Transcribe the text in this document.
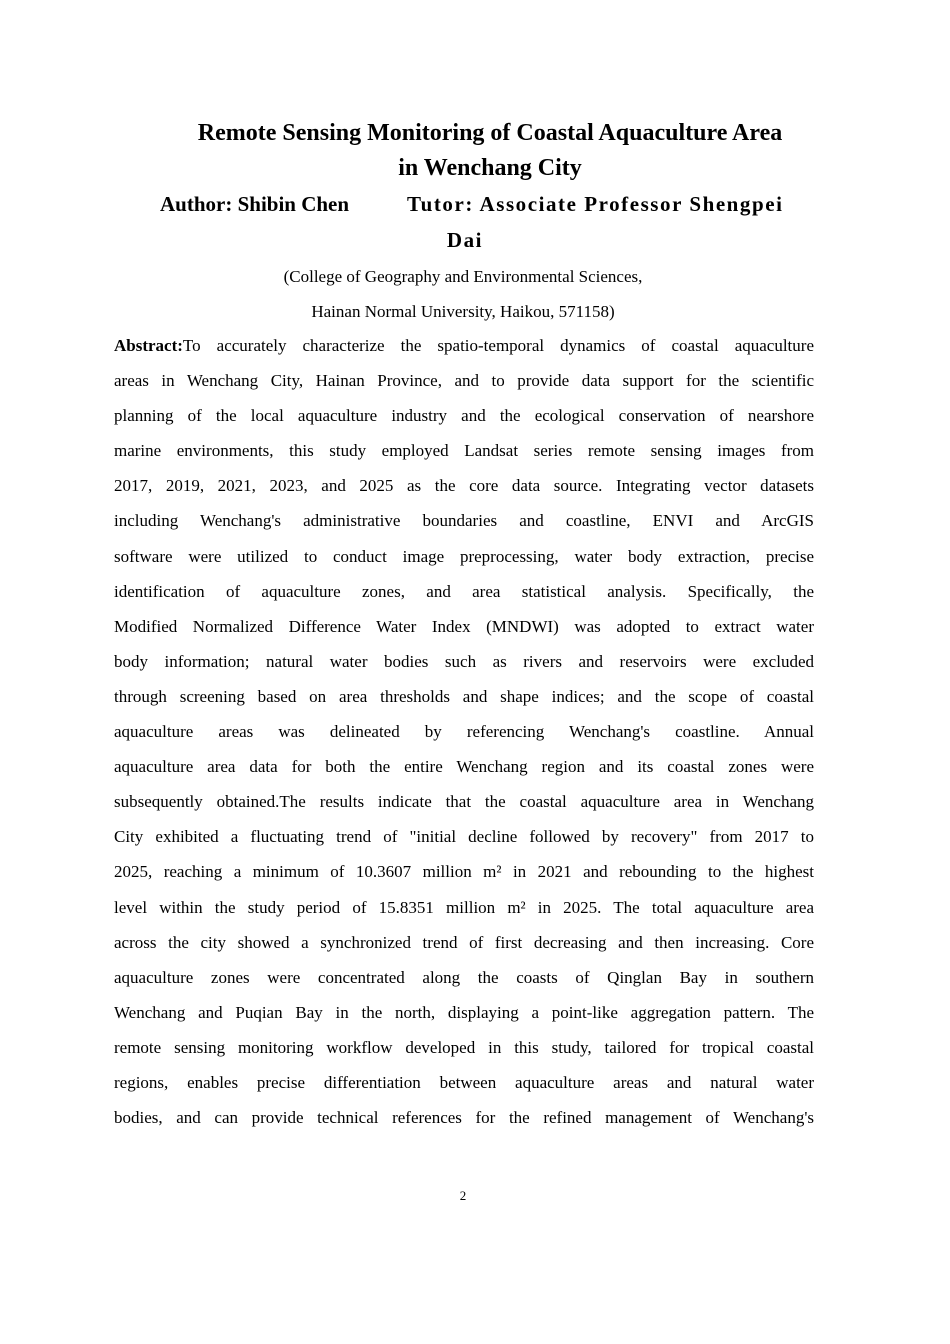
Remote Sensing Monitoring of Coastal Aquaculture Area
in Wenchang City
Author: Shibin Chen	Tutor: Associate Professor Shengpei
Dai
(College of Geography and Environmental Sciences,
Hainan Normal University, Haikou, 571158)
Abstract:To accurately characterize the spatio-temporal dynamics of coastal aquaculture
areas in Wenchang City, Hainan Province, and to provide data support for the scientific
planning of the local aquaculture industry and the ecological conservation of nearshore
marine environments, this study employed Landsat series remote sensing images from
2017, 2019, 2021, 2023, and 2025 as the core data source. Integrating vector datasets
including Wenchang's administrative boundaries and coastline, ENVI and ArcGIS
software were utilized to conduct image preprocessing, water body extraction, precise
identification of aquaculture zones, and area statistical analysis. Specifically, the
Modified Normalized Difference Water Index (MNDWI) was adopted to extract water
body information; natural water bodies such as rivers and reservoirs were excluded
through screening based on area thresholds and shape indices; and the scope of coastal
aquaculture areas was delineated by referencing Wenchang's coastline. Annual
aquaculture area data for both the entire Wenchang region and its coastal zones were
subsequently obtained.The results indicate that the coastal aquaculture area in Wenchang
City exhibited a fluctuating trend of "initial decline followed by recovery" from 2017 to
2025, reaching a minimum of 10.3607 million m² in 2021 and rebounding to the highest
level within the study period of 15.8351 million m² in 2025. The total aquaculture area
across the city showed a synchronized trend of first decreasing and then increasing. Core
aquaculture zones were concentrated along the coasts of Qinglan Bay in southern
Wenchang and Puqian Bay in the north, displaying a point-like aggregation pattern. The
remote sensing monitoring workflow developed in this study, tailored for tropical coastal
regions, enables precise differentiation between aquaculture areas and natural water
bodies, and can provide technical references for the refined management of Wenchang's
2
